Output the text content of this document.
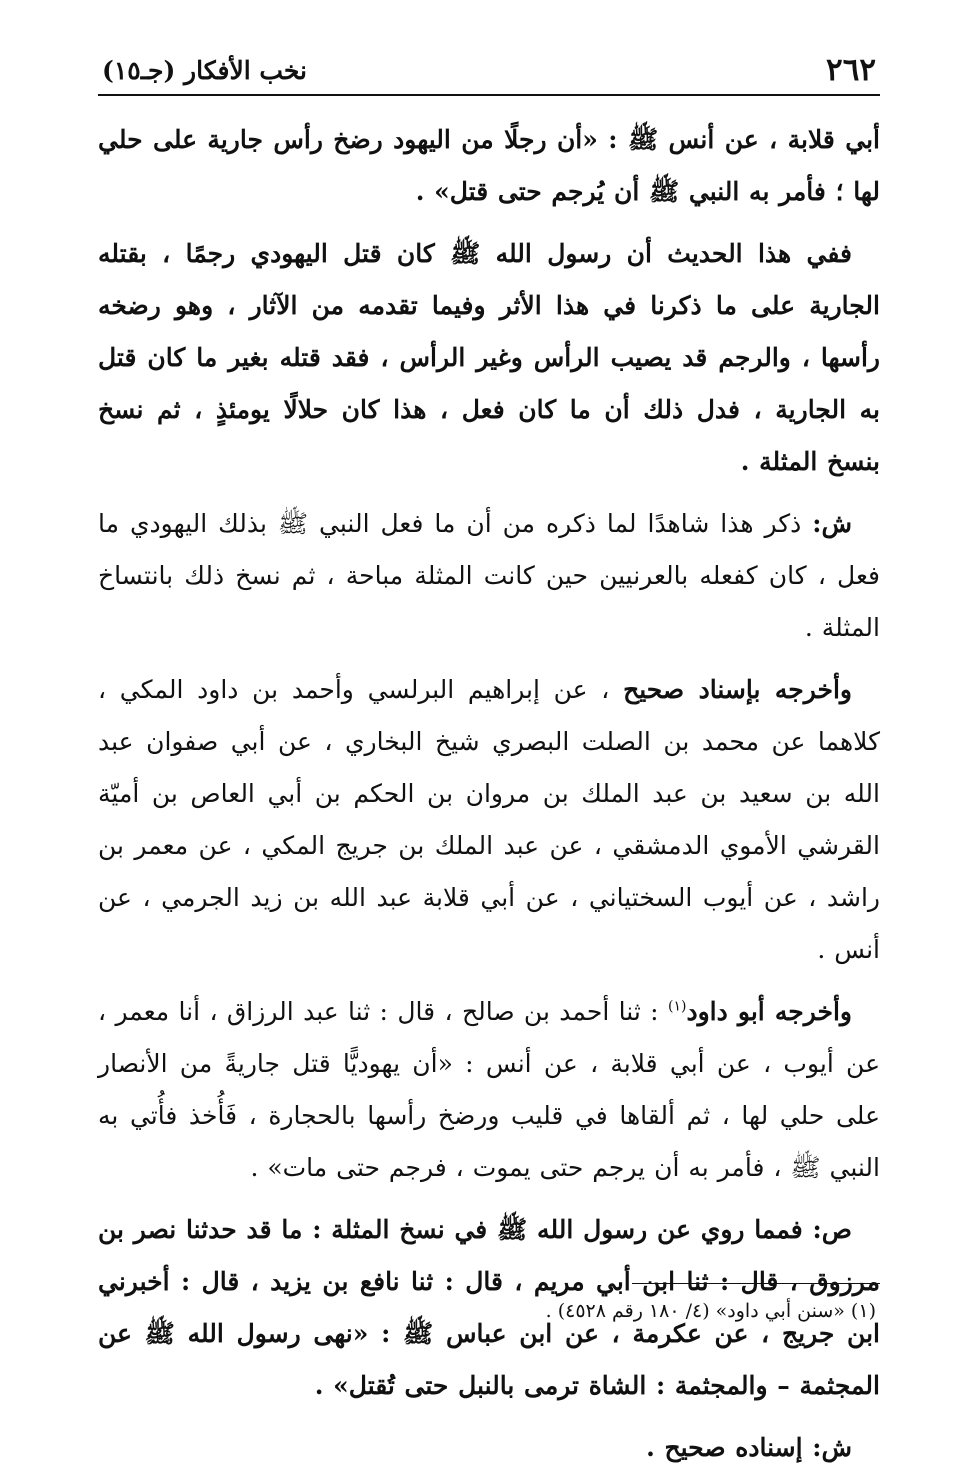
٢٦٢
نخب الأفكار (جـ١٥)

أبي قلابة ، عن أنس ﷺ : «أن رجلًا من اليهود رضخ رأس جارية على حلي لها ؛ فأمر به النبي ﷺ أن يُرجم حتى قتل» .

ففي هذا الحديث أن رسول الله ﷺ كان قتل اليهودي رجمًا ، بقتله الجارية على ما ذكرنا في هذا الأثر وفيما تقدمه من الآثار ، وهو رضخه رأسها ، والرجم قد يصيب الرأس وغير الرأس ، فقد قتله بغير ما كان قتل به الجارية ، فدل ذلك أن ما كان فعل ، هذا كان حلالًا يومئذٍ ، ثم نسخ بنسخ المثلة .

ش: ذكر هذا شاهدًا لما ذكره من أن ما فعل النبي ﷺ بذلك اليهودي ما فعل ، كان كفعله بالعرنيين حين كانت المثلة مباحة ، ثم نسخ ذلك بانتساخ المثلة .

وأخرجه بإسناد صحيح ، عن إبراهيم البرلسي وأحمد بن داود المكي ، كلاهما عن محمد بن الصلت البصري شيخ البخاري ، عن أبي صفوان عبد الله بن سعيد بن عبد الملك بن مروان بن الحكم بن أبي العاص بن أميّة القرشي الأموي الدمشقي ، عن عبد الملك بن جريج المكي ، عن معمر بن راشد ، عن أيوب السختياني ، عن أبي قلابة عبد الله بن زيد الجرمي ، عن أنس .

وأخرجه أبو داود$^{(١)}$ : ثنا أحمد بن صالح ، قال : ثنا عبد الرزاق ، أنا معمر ، عن أيوب ، عن أبي قلابة ، عن أنس : «أن يهوديًّا قتل جاريةً من الأنصار على حلي لها ، ثم ألقاها في قليب ورضخ رأسها بالحجارة ، فَأُخذ فأُتي به النبي ﷺ ، فأمر به أن يرجم حتى يموت ، فرجم حتى مات» .

ص: فمما روي عن رسول الله ﷺ في نسخ المثلة : ما قد حدثنا نصر بن مرزوق ، قال : ثنا ابن أبي مريم ، قال : ثنا نافع بن يزيد ، قال : أخبرني ابن جريج ، عن عكرمة ، عن ابن عباس ﷺ : «نهى رسول الله ﷺ عن المجثمة – والمجثمة : الشاة ترمى بالنبل حتى تُقتل» .

ش: إسناده صحيح .

(١) «سنن أبي داود» (٤/ ١٨٠ رقم ٤٥٢٨) .
